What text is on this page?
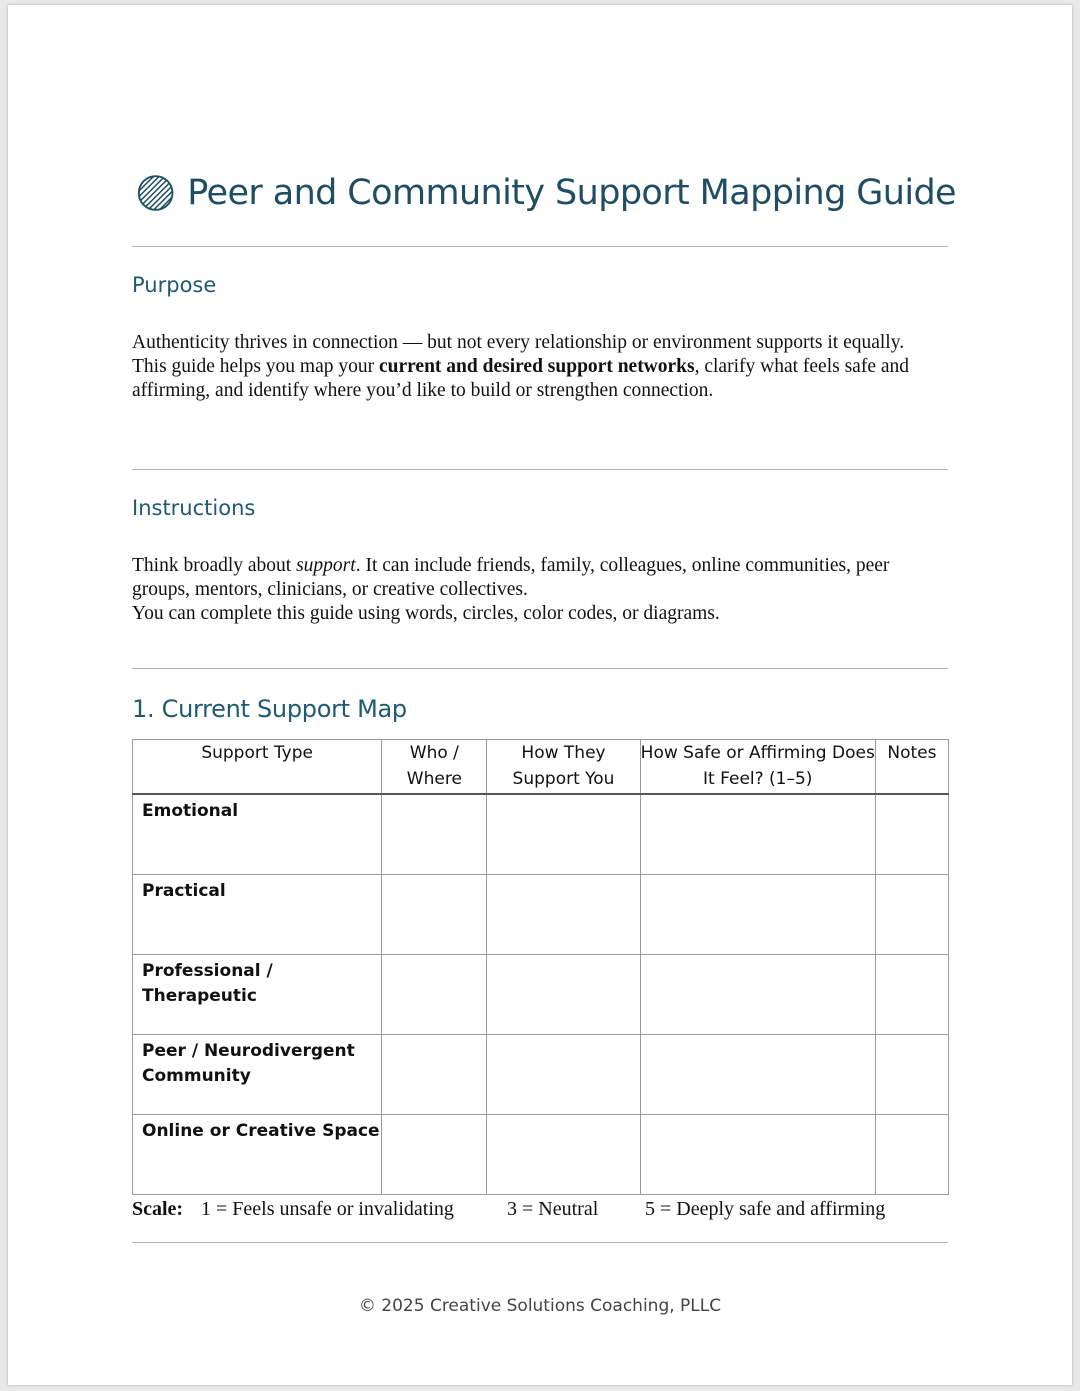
Peer and Community Support Mapping Guide
Purpose

Authenticity thrives in connection — but not every relationship or environment supports it equally.

This guide helps you map your current and desired support networks, clarify what feels safe and affirming, and identify where you’d like to build or strengthen connection.

Instructions

Think broadly about support. It can include friends, family, colleagues, online communities, peer groups, mentors, clinicians, or creative collectives.

You can complete this guide using words, circles, color codes, or diagrams.

1. Current Support Map
Support Type	Who / Where	How They Support You	How Safe or Affirming Does It Feel? (1–5)	Notes
Emotional				
Practical				
Professional / Therapeutic				
Peer / Neurodivergent Community				
Online or Creative Space				
Scale: 1 = Feels unsafe or invalidating	3 = Neutral 5 = Deeply safe and affirming
© 2025 Creative Solutions Coaching, PLLC
